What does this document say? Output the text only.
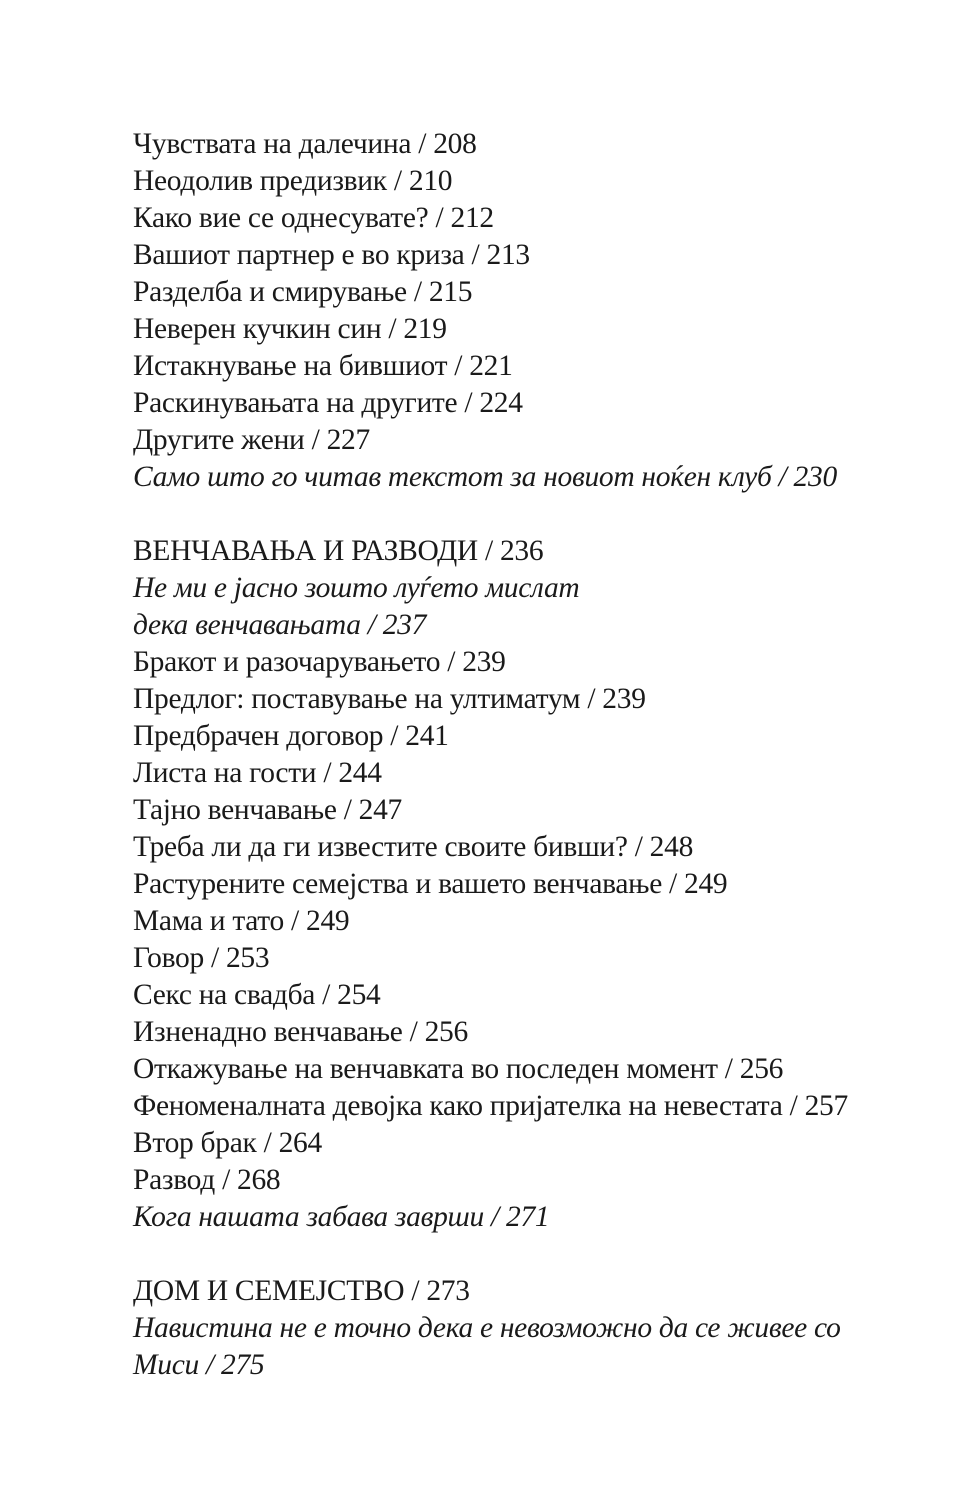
Чувствата на далечина / 208
Неодолив предизвик / 210
Како вие се однесувате? / 212
Вашиот партнер е во криза / 213
Разделба и смирување / 215
Неверен кучкин син / 219
Истакнување на бившиот / 221
Раскинувањата на другите / 224
Другите жени / 227
Само што го читав текстот за новиот ноќен клуб / 230
ВЕНЧАВАЊА И РАЗВОДИ / 236
Не ми е јасно зошто луѓето мислат
дека венчавањата / 237
Бракот и разочарувањето / 239
Предлог: поставување на ултиматум / 239
Предбрачен договор / 241
Листа на гости / 244
Тајно венчавање / 247
Треба ли да ги известите своите бивши? / 248
Растурените семејства и вашето венчавање / 249
Мама и тато / 249
Говор / 253
Секс на свадба / 254
Изненадно венчавање / 256
Откажување на венчавката во последен момент / 256
Феноменалната девојка како пријателка на невестата / 257
Втор брак / 264
Развод / 268
Кога нашата забава заврши / 271
ДОМ И СЕМЕЈСТВО / 273
Навистина не е точно дека е невозможно да се живее со
Миси / 275
